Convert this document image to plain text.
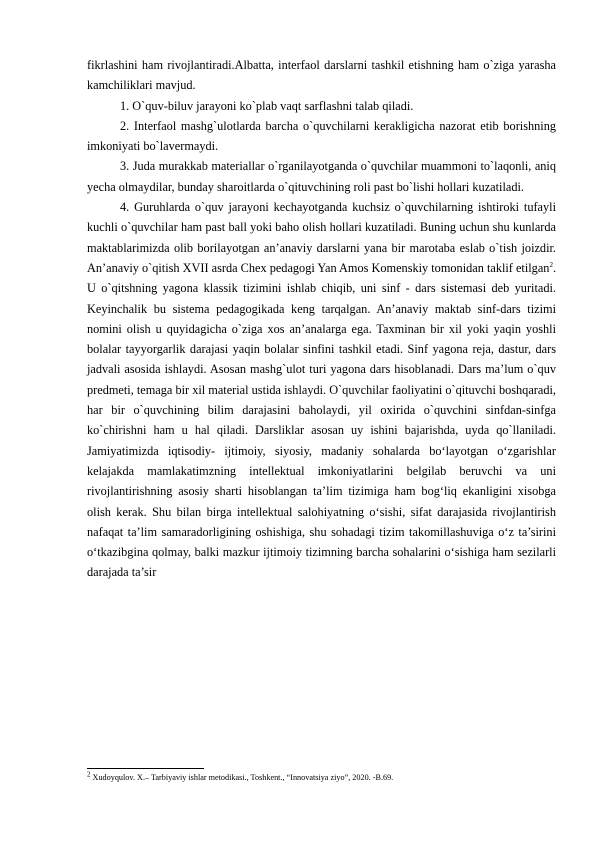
fikrlashini ham rivojlantiradi.Albatta, interfaol darslarni tashkil etishning ham o`ziga yarasha kamchiliklari mavjud.

1. O`quv-biluv jarayoni ko`plab vaqt sarflashni talab qiladi.

2. Interfaol mashg`ulotlarda barcha o`quvchilarni kerakligicha nazorat etib borishning imkoniyati bo`lavermaydi.

3. Juda murakkab materiallar o`rganilayotganda o`quvchilar muammoni to`laqonli, aniq yecha olmaydilar, bunday sharoitlarda o`qituvchining roli past bo`lishi hollari kuzatiladi.

4. Guruhlarda o`quv jarayoni kechayotganda kuchsiz o`quvchilarning ishtiroki tufayli kuchli o`quvchilar ham past ball yoki baho olish hollari kuzatiladi. Buning uchun shu kunlarda maktablarimizda olib borilayotgan an’anaviy darslarni yana bir marotaba eslab o`tish joizdir. An’anaviy o`qitish XVII asrda Chex pedagogi Yan Amos Komenskiy tomonidan taklif etilgan$^2$. U o`qitshning yagona klassik tizimini ishlab chiqib, uni sinf - dars sistemasi deb yuritadi. Keyinchalik bu sistema pedagogikada keng tarqalgan. An’anaviy maktab sinf-dars tizimi nomini olish u quyidagicha o`ziga xos an’analarga ega. Taxminan bir xil yoki yaqin yoshli bolalar tayyorgarlik darajasi yaqin bolalar sinfini tashkil etadi. Sinf yagona reja, dastur, dars jadvali asosida ishlaydi. Asosan mashg`ulot turi yagona dars hisoblanadi. Dars ma’lum o`quv predmeti, temaga bir xil material ustida ishlaydi. O`quvchilar faoliyatini o`qituvchi boshqaradi, har bir o`quvchining bilim darajasini baholaydi, yil oxirida o`quvchini sinfdan-sinfga ko`chirishni ham u hal qiladi. Darsliklar asosan uy ishini bajarishda, uyda qo`llaniladi. Jamiyatimizda iqtisodiy- ijtimoiy, siyosiy, madaniy sohalarda bo‘layotgan o‘zgarishlar kelajakda mamlakatimzning intellektual imkoniyatlarini belgilab beruvchi va uni rivojlantirishning asosiy sharti hisoblangan ta’lim tizimiga ham bog‘liq ekanligini xisobga olish kerak. Shu bilan birga intellektual salohiyatning o‘sishi, sifat darajasida rivojlantirish nafaqat ta’lim samaradorligining oshishiga, shu sohadagi tizim takomillashuviga o‘z ta’sirini o‘tkazibgina qolmay, balki mazkur ijtimoiy tizimning barcha sohalarini o‘sishiga ham sezilarli darajada ta’sir

$^2$ Xudoyqulov. X.– Tarbiyaviy ishlar metodikasi., Toshkent., “Innovatsiya ziyo”, 2020. -B.69.
